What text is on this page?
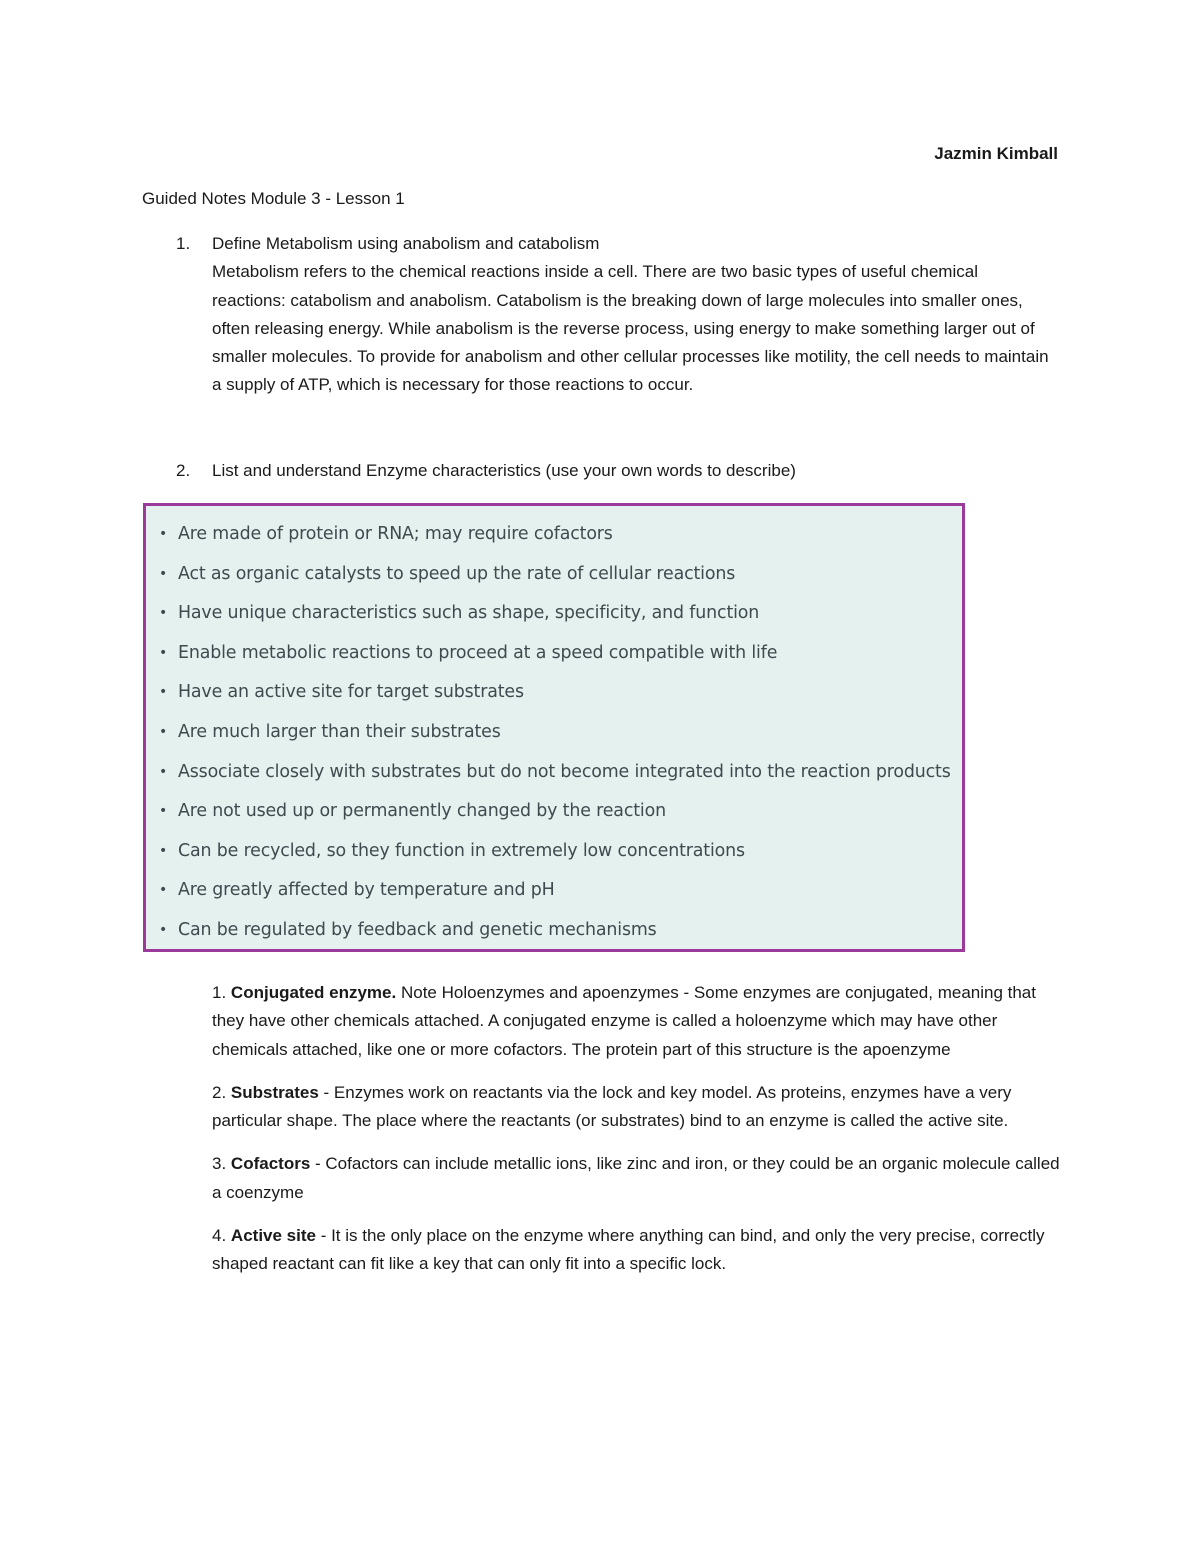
Jazmin Kimball
Guided Notes Module 3 - Lesson 1
1. Define Metabolism using anabolism and catabolism
Metabolism refers to the chemical reactions inside a cell. There are two basic types of useful chemical reactions: catabolism and anabolism. Catabolism is the breaking down of large molecules into smaller ones, often releasing energy. While anabolism is the reverse process, using energy to make something larger out of smaller molecules. To provide for anabolism and other cellular processes like motility, the cell needs to maintain a supply of ATP, which is necessary for those reactions to occur.
2. List and understand Enzyme characteristics (use your own words to describe)
• Are made of protein or RNA; may require cofactors
• Act as organic catalysts to speed up the rate of cellular reactions
• Have unique characteristics such as shape, specificity, and function
• Enable metabolic reactions to proceed at a speed compatible with life
• Have an active site for target substrates
• Are much larger than their substrates
• Associate closely with substrates but do not become integrated into the reaction products
• Are not used up or permanently changed by the reaction
• Can be recycled, so they function in extremely low concentrations
• Are greatly affected by temperature and pH
• Can be regulated by feedback and genetic mechanisms

1. Conjugated enzyme. Note Holoenzymes and apoenzymes - Some enzymes are conjugated, meaning that they have other chemicals attached. A conjugated enzyme is called a holoenzyme which may have other chemicals attached, like one or more cofactors. The protein part of this structure is the apoenzyme

2. Substrates - Enzymes work on reactants via the lock and key model. As proteins, enzymes have a very particular shape. The place where the reactants (or substrates) bind to an enzyme is called the active site.

3. Cofactors - Cofactors can include metallic ions, like zinc and iron, or they could be an organic molecule called a coenzyme

4. Active site - It is the only place on the enzyme where anything can bind, and only the very precise, correctly shaped reactant can fit like a key that can only fit into a specific lock.
